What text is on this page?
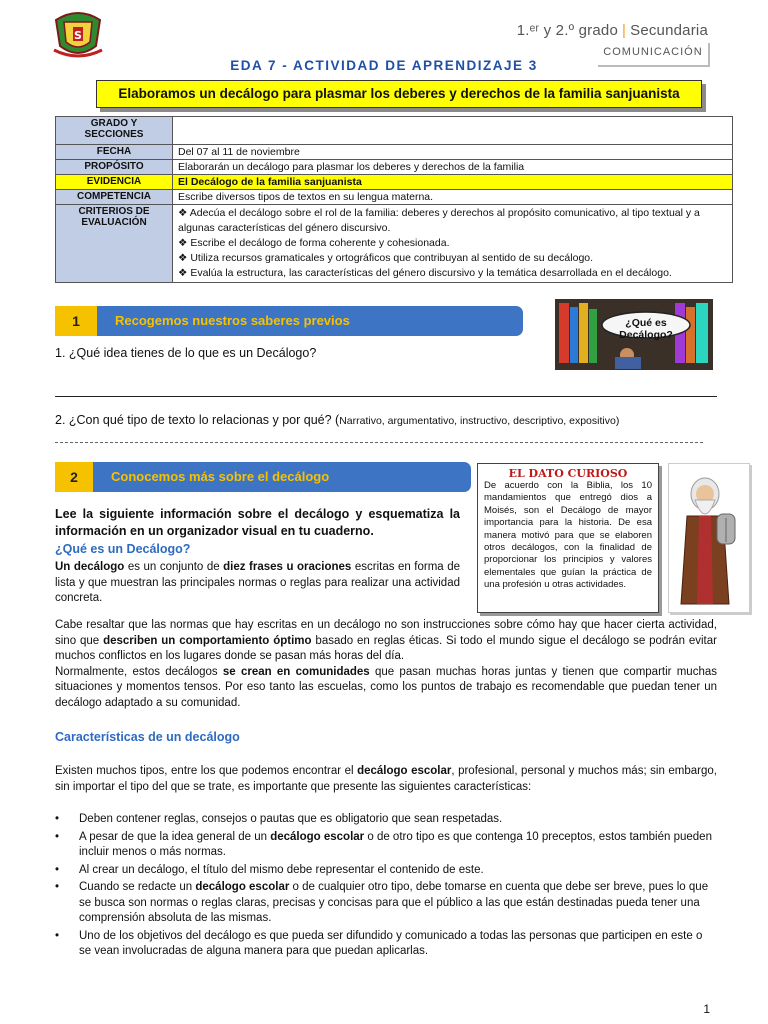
S	1.ᵉʳ y 2.º grado | Secundaria
COMUNICACIÓN
EDA 7 - ACTIVIDAD DE APRENDIZAJE 3
Elaboramos un decálogo para plasmar los deberes y derechos de la familia sanjuanista
GRADO Y SECCIONES	
FECHA	Del 07 al 11 de noviembre
PROPÓSITO	Elaborarán un decálogo para plasmar los deberes y derechos de la familia
EVIDENCIA	El Decálogo de la familia sanjuanista
COMPETENCIA	Escribe diversos tipos de textos en su lengua materna.
CRITERIOS DE EVALUACIÓN	❖ Adecúa el decálogo sobre el rol de la familia: deberes y derechos al propósito comunicativo, al tipo textual y a algunas características del género discursivo.
❖ Escribe el decálogo de forma coherente y cohesionada.
❖ Utiliza recursos gramaticales y ortográficos que contribuyan al sentido de su decálogo.
❖ Evalúa la estructura, las características del género discursivo y la temática desarrollada en el decálogo.
1	Recogemos nuestros saberes previos	¿Qué es Decálogo?
1. ¿Qué idea tienes de lo que es un Decálogo?
2. ¿Con qué tipo de texto lo relacionas y por qué? (Narrativo, argumentativo, instructivo, descriptivo, expositivo)
2	Conocemos más sobre el decálogo	EL DATO CURIOSO
De acuerdo con la Biblia, los 10 mandamientos que entregó dios a Moisés, son el Decálogo de mayor importancia para la historia. De esa manera motivó para que se elaboren otros decálogos, con la finalidad de proporcionar los principios y valores elementales que guían la práctica de una profesión u otras actividades.
Lee la siguiente información sobre el decálogo y esquematiza la información en un organizador visual en tu cuaderno.
¿Qué es un Decálogo?
Un decálogo es un conjunto de diez frases u oraciones escritas en forma de lista y que muestran las principales normas o reglas para realizar una actividad concreta.
Cabe resaltar que las normas que hay escritas en un decálogo no son instrucciones sobre cómo hay que hacer cierta actividad, sino que describen un comportamiento óptimo basado en reglas éticas. Si todo el mundo sigue el decálogo se podrán evitar muchos conflictos en los lugares donde se pasan más horas del día.
Normalmente, estos decálogos se crean en comunidades que pasan muchas horas juntas y tienen que compartir muchas situaciones y momentos tensos. Por eso tanto las escuelas, como los puntos de trabajo es recomendable que puedan tener un decálogo adaptado a su comunidad.
Características de un decálogo
Existen muchos tipos, entre los que podemos encontrar el decálogo escolar, profesional, personal y muchos más; sin embargo, sin importar el tipo del que se trate, es importante que presente las siguientes características:
• Deben contener reglas, consejos o pautas que es obligatorio que sean respetadas.
• A pesar de que la idea general de un decálogo escolar o de otro tipo es que contenga 10 preceptos, estos también pueden incluir menos o más normas.
• Al crear un decálogo, el título del mismo debe representar el contenido de este.
• Cuando se redacte un decálogo escolar o de cualquier otro tipo, debe tomarse en cuenta que debe ser breve, pues lo que se busca son normas o reglas claras, precisas y concisas para que el público a las que están destinadas pueda tener una comprensión absoluta de las mismas.
• Uno de los objetivos del decálogo es que pueda ser difundido y comunicado a todas las personas que participen en este o se vean involucradas de alguna manera para que puedan aplicarlas.
1
